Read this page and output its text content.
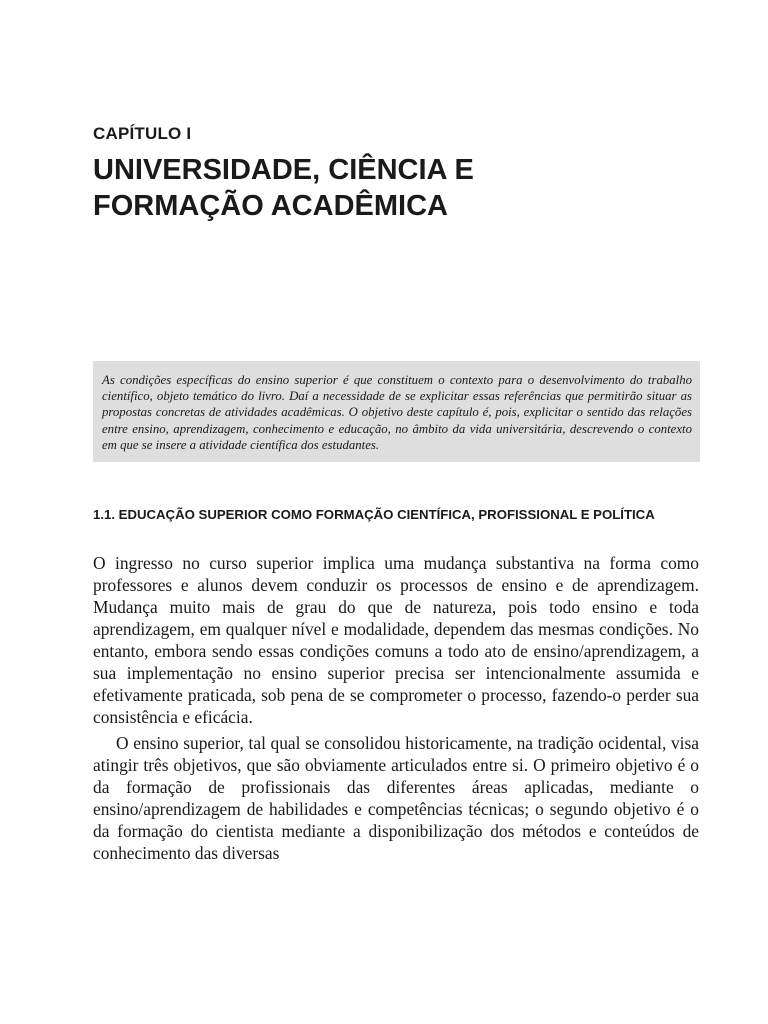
CAPÍTULO I
UNIVERSIDADE, CIÊNCIA E
FORMAÇÃO ACADÊMICA
As condições específicas do ensino superior é que constituem o contexto para o desenvolvimento do trabalho científico, objeto temático do livro. Daí a necessidade de se explicitar essas referências que permitirão situar as propostas concretas de atividades acadêmicas. O objetivo deste capítulo é, pois, explicitar o sentido das relações entre ensino, aprendizagem, conhecimento e educação, no âmbito da vida universitária, descrevendo o contexto em que se insere a atividade científica dos estudantes.
1.1. EDUCAÇÃO SUPERIOR COMO FORMAÇÃO CIENTÍFICA, PROFISSIONAL E POLÍTICA

O ingresso no curso superior implica uma mudança substantiva na forma como professores e alunos devem conduzir os processos de ensino e de aprendizagem. Mudança muito mais de grau do que de natureza, pois todo ensino e toda aprendizagem, em qualquer nível e modalidade, dependem das mesmas condições. No entanto, embora sendo essas condições comuns a todo ato de ensino/aprendizagem, a sua implementação no ensino superior precisa ser intencionalmente assumida e efetivamente praticada, sob pena de se comprometer o processo, fazendo-o perder sua consistência e eficácia.

O ensino superior, tal qual se consolidou historicamente, na tradição ocidental, visa atingir três objetivos, que são obviamente articulados entre si. O primeiro objetivo é o da formação de profissionais das diferentes áreas aplicadas, mediante o ensino/aprendizagem de habilidades e competências técnicas; o segundo objetivo é o da formação do cientista mediante a disponibilização dos métodos e conteúdos de conhecimento das diversas
